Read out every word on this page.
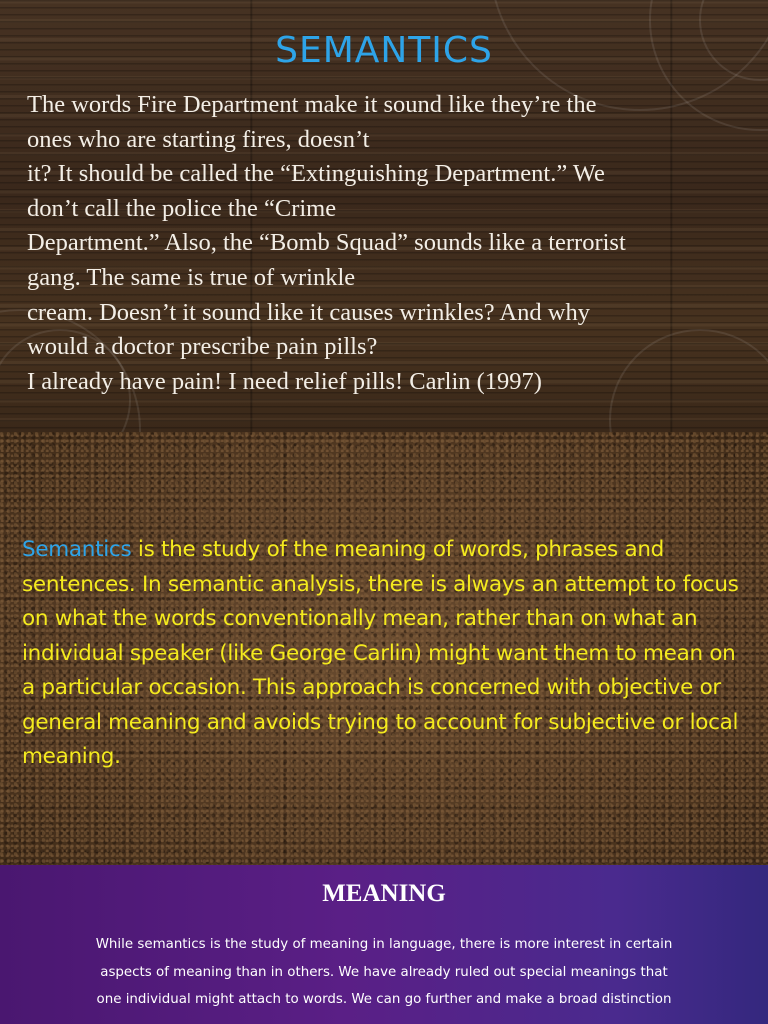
SEMANTICS

The words Fire Department make it sound like they’re the
ones who are starting fires, doesn’t
it? It should be called the “Extinguishing Department.” We
don’t call the police the “Crime
Department.” Also, the “Bomb Squad” sounds like a terrorist
gang. The same is true of wrinkle
cream. Doesn’t it sound like it causes wrinkles? And why
would a doctor prescribe pain pills?
I already have pain! I need relief pills! Carlin (1997)

Semantics is the study of the meaning of words, phrases and sentences. In semantic analysis, there is always an attempt to focus on what the words conventionally mean, rather than on what an individual speaker (like George Carlin) might want them to mean on a particular occasion. This approach is concerned with objective or general meaning and avoids trying to account for subjective or local meaning.

MEANING

While semantics is the study of meaning in language, there is more interest in certain
aspects of meaning than in others. We have already ruled out special meanings that
one individual might attach to words. We can go further and make a broad distinction
